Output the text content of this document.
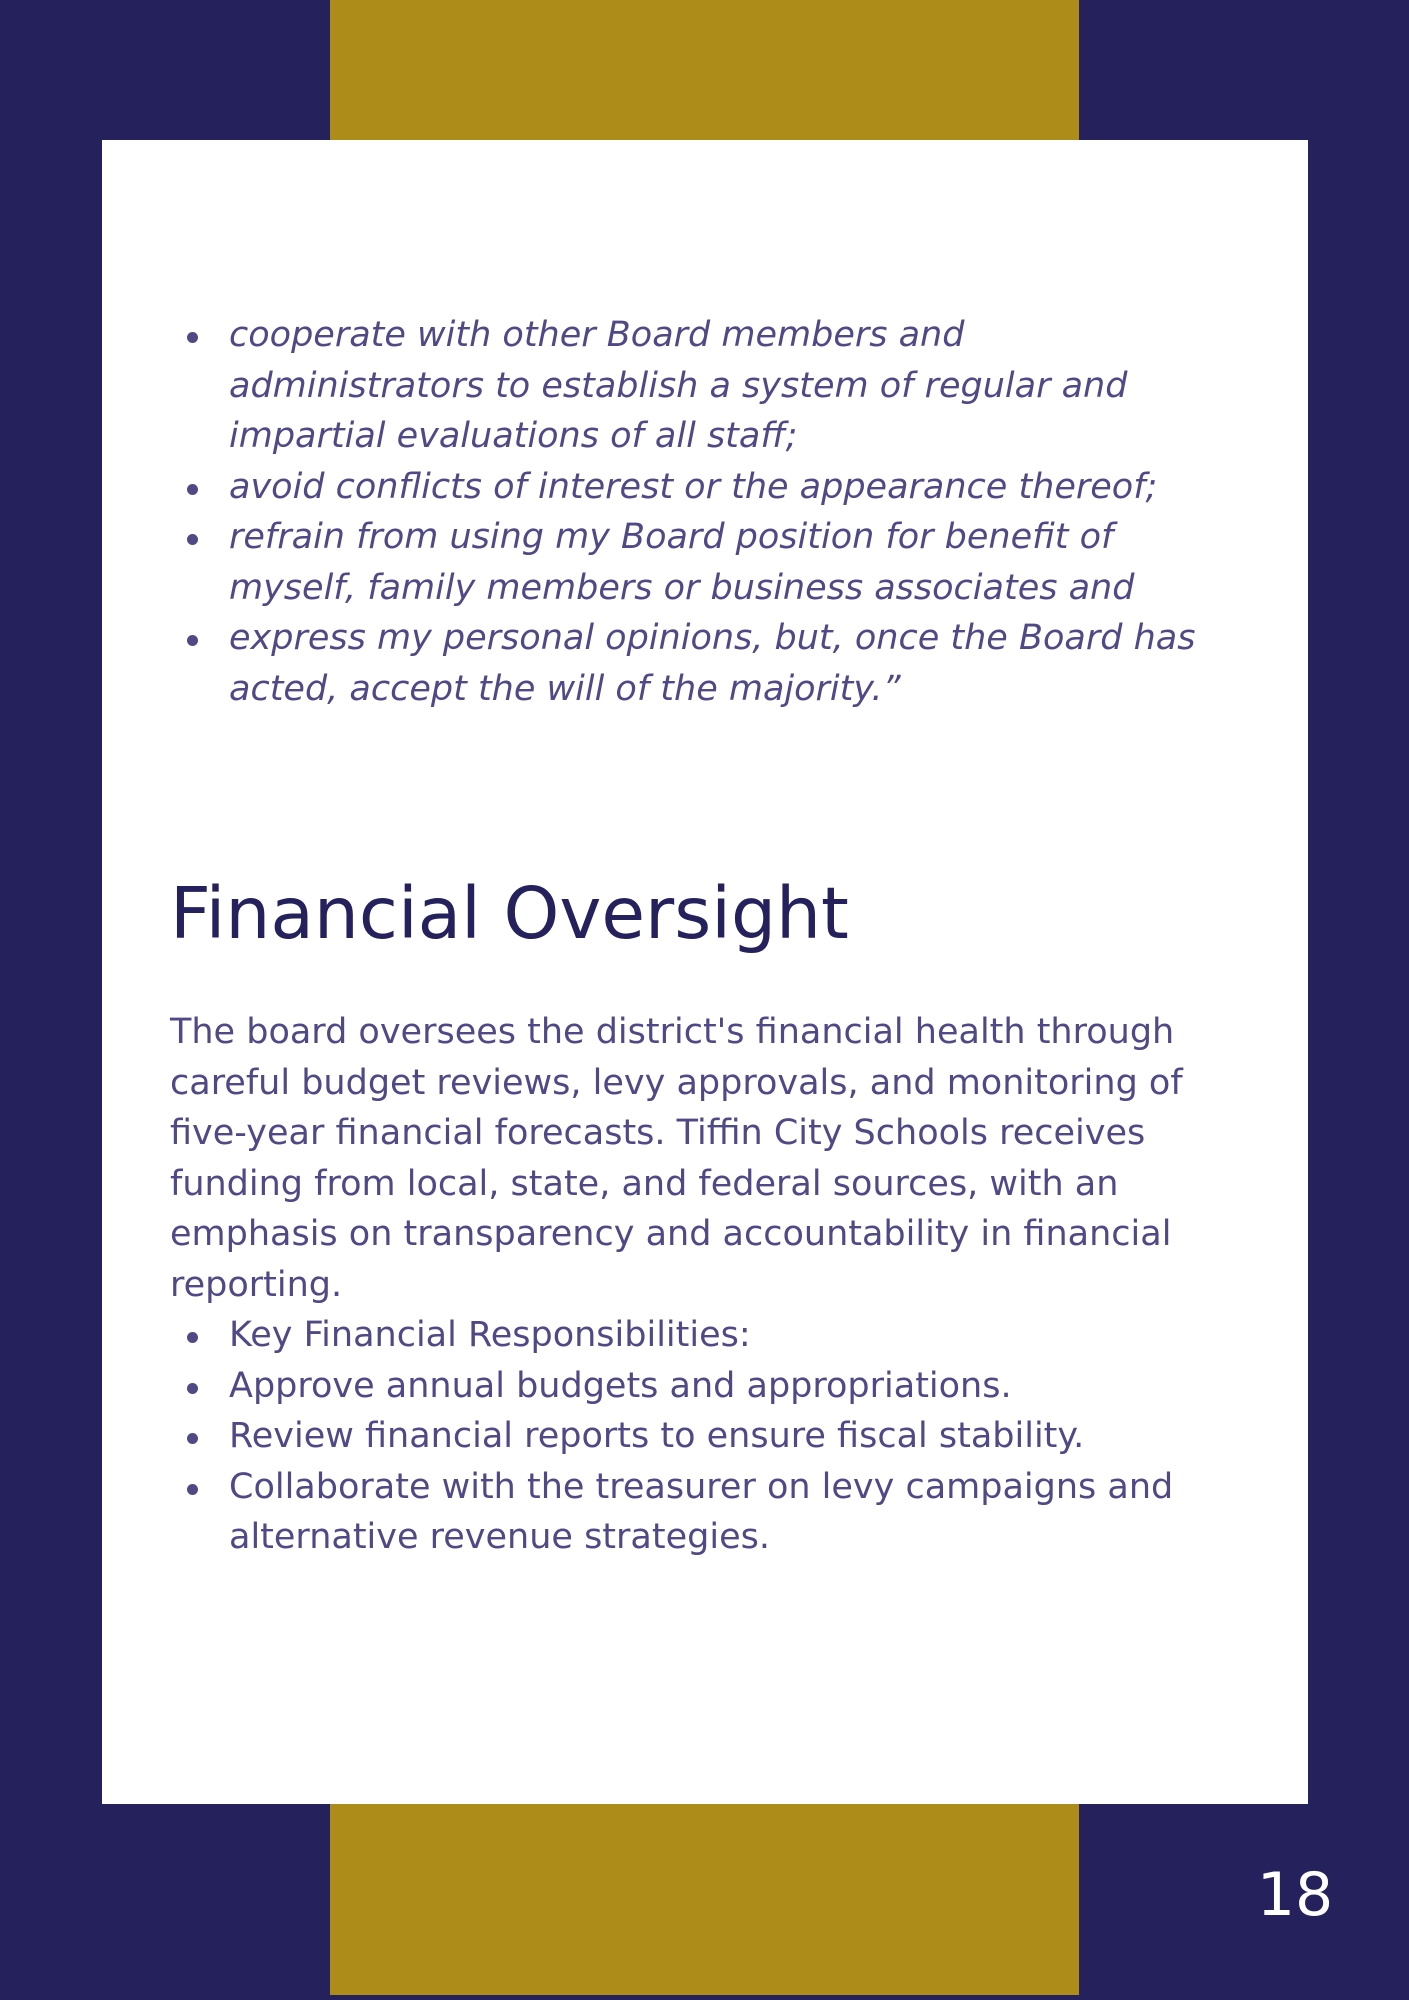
cooperate with other Board members and administrators to establish a system of regular and impartial evaluations of all staff;
avoid conflicts of interest or the appearance thereof;
refrain from using my Board position for benefit of myself, family members or business associates and
express my personal opinions, but, once the Board has acted, accept the will of the majority.”
Financial Oversight

The board oversees the district's financial health through careful budget reviews, levy approvals, and monitoring of five-year financial forecasts. Tiffin City Schools receives funding from local, state, and federal sources, with an emphasis on transparency and accountability in financial reporting.

Key Financial Responsibilities:
Approve annual budgets and appropriations.
Review financial reports to ensure fiscal stability.
Collaborate with the treasurer on levy campaigns and alternative revenue strategies.
18
